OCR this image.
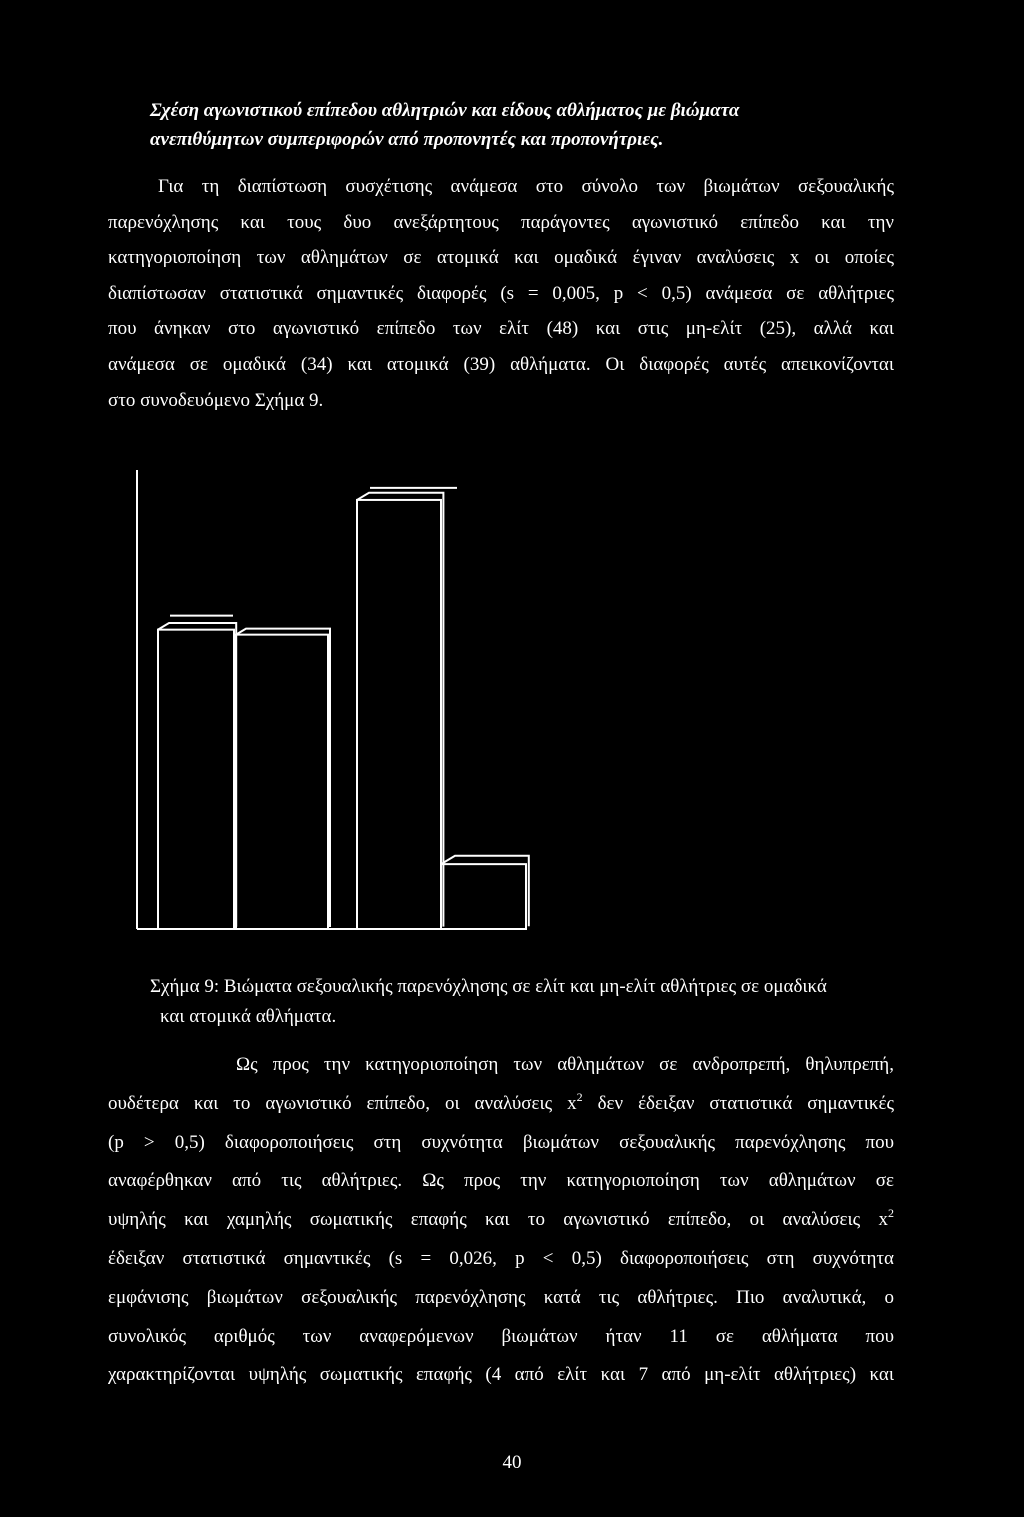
Σχέση αγωνιστικού επίπεδου αθλητριών και είδους αθλήματος με βιώματα
ανεπιθύμητων συμπεριφορών από προπονητές και προπονήτριες.
Για τη διαπίστωση συσχέτισης ανάμεσα στο σύνολο των βιωμάτων σεξουαλικής
παρενόχλησης και τους δυο ανεξάρτητους παράγοντες αγωνιστικό επίπεδο και την
κατηγοριοποίηση των αθλημάτων σε ατομικά και ομαδικά έγιναν αναλύσεις x οι οποίες
διαπίστωσαν στατιστικά σημαντικές διαφορές (s = 0,005, p < 0,5) ανάμεσα σε αθλήτριες
που άνηκαν στο αγωνιστικό επίπεδο των ελίτ (48) και στις μη-ελίτ (25), αλλά και
ανάμεσα σε ομαδικά (34) και ατομικά (39) αθλήματα. Οι διαφορές αυτές απεικονίζονται
στο συνοδευόμενο Σχήμα 9.
Σχήμα 9: Βιώματα σεξουαλικής παρενόχλησης σε ελίτ και μη-ελίτ αθλήτριες σε ομαδικά
και ατομικά αθλήματα.
Ως προς την κατηγοριοποίηση των αθλημάτων σε ανδροπρεπή, θηλυπρεπή,
ουδέτερα και το αγωνιστικό επίπεδο, οι αναλύσεις $x^2$ δεν έδειξαν στατιστικά σημαντικές
(p > 0,5) διαφοροποιήσεις στη συχνότητα βιωμάτων σεξουαλικής παρενόχλησης που
αναφέρθηκαν από τις αθλήτριες. Ως προς την κατηγοριοποίηση των αθλημάτων σε
υψηλής και χαμηλής σωματικής επαφής και το αγωνιστικό επίπεδο, οι αναλύσεις $x^2$
έδειξαν στατιστικά σημαντικές (s = 0,026, p < 0,5) διαφοροποιήσεις στη συχνότητα
εμφάνισης βιωμάτων σεξουαλικής παρενόχλησης κατά τις αθλήτριες. Πιο αναλυτικά, ο
συνολικός αριθμός των αναφερόμενων βιωμάτων ήταν 11 σε αθλήματα που
χαρακτηρίζονται υψηλής σωματικής επαφής (4 από ελίτ και 7 από μη-ελίτ αθλήτριες) και
40
